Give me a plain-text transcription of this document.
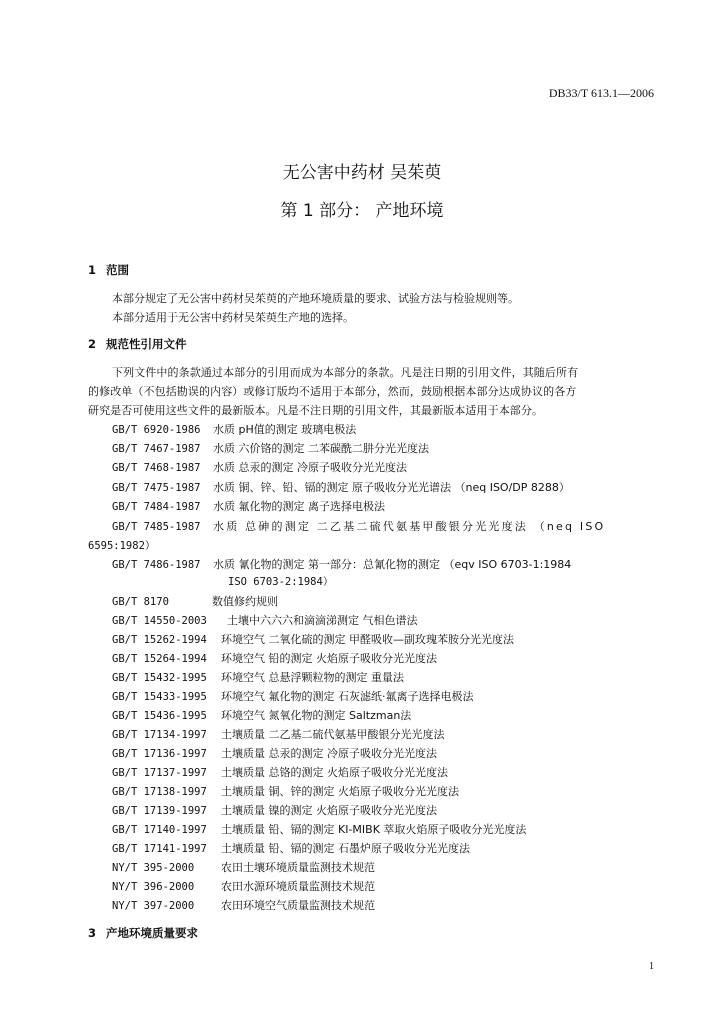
DB33/T 613.1—2006
无公害中药材 吴茱萸
第 1 部分： 产地环境
1 范围
本部分规定了无公害中药材吴茱萸的产地环境质量的要求、试验方法与检验规则等。
本部分适用于无公害中药材吴茱萸生产地的选择。
2 规范性引用文件
下列文件中的条款通过本部分的引用而成为本部分的条款。凡是注日期的引用文件，其随后所有
的修改单（不包括勘误的内容）或修订版均不适用于本部分，然而，鼓励根据本部分达成协议的各方
研究是否可使用这些文件的最新版本。凡是不注日期的引用文件，其最新版本适用于本部分。
GB/T 6920-1986 水质 pH值的测定 玻璃电极法
GB/T 7467-1987 水质 六价铬的测定 二苯碳酰二肼分光光度法
GB/T 7468-1987 水质 总汞的测定 冷原子吸收分光光度法
GB/T 7475-1987 水质 铜、锌、铅、镉的测定 原子吸收分光光谱法 （neq ISO/DP 8288）
GB/T 7484-1987 水质 氟化物的测定 离子选择电极法
GB/T 7485-1987 水质 总砷的测定 二乙基二硫代氨基甲酸银分光光度法 （neq ISO
GB/T 7486-1987 水质 氰化物的测定 第一部分：总氰化物的测定 （eqv ISO 6703-1:1984
GB/T 8170	数值修约规则
GB/T 14550-2003 土壤中六六六和滴滴涕测定 气相色谱法
GB/T 15262-1994 环境空气 二氧化硫的测定 甲醛吸收—副玫瑰苯胺分光光度法
GB/T 15264-1994 环境空气 铅的测定 火焰原子吸收分光光度法
GB/T 15432-1995 环境空气 总悬浮颗粒物的测定 重量法
GB/T 15433-1995 环境空气 氟化物的测定 石灰滤纸·氟离子选择电极法
GB/T 15436-1995 环境空气 氮氧化物的测定 Saltzman法
GB/T 17134-1997 土壤质量 二乙基二硫代氨基甲酸银分光光度法
GB/T 17136-1997 土壤质量 总汞的测定 冷原子吸收分光光度法
GB/T 17137-1997 土壤质量 总铬的测定 火焰原子吸收分光光度法
GB/T 17138-1997 土壤质量 铜、锌的测定 火焰原子吸收分光光度法
GB/T 17139-1997 土壤质量 镍的测定 火焰原子吸收分光光度法
GB/T 17140-1997 土壤质量 铅、镉的测定 KI-MIBK 萃取火焰原子吸收分光光度法
GB/T 17141-1997 土壤质量 铅、镉的测定 石墨炉原子吸收分光光度法
NY/T 395-2000 农田土壤环境质量监测技术规范
NY/T 396-2000 农田水源环境质量监测技术规范
NY/T 397-2000 农田环境空气质量监测技术规范
6595:1982）
ISO 6703-2:1984）
3 产地环境质量要求
1
